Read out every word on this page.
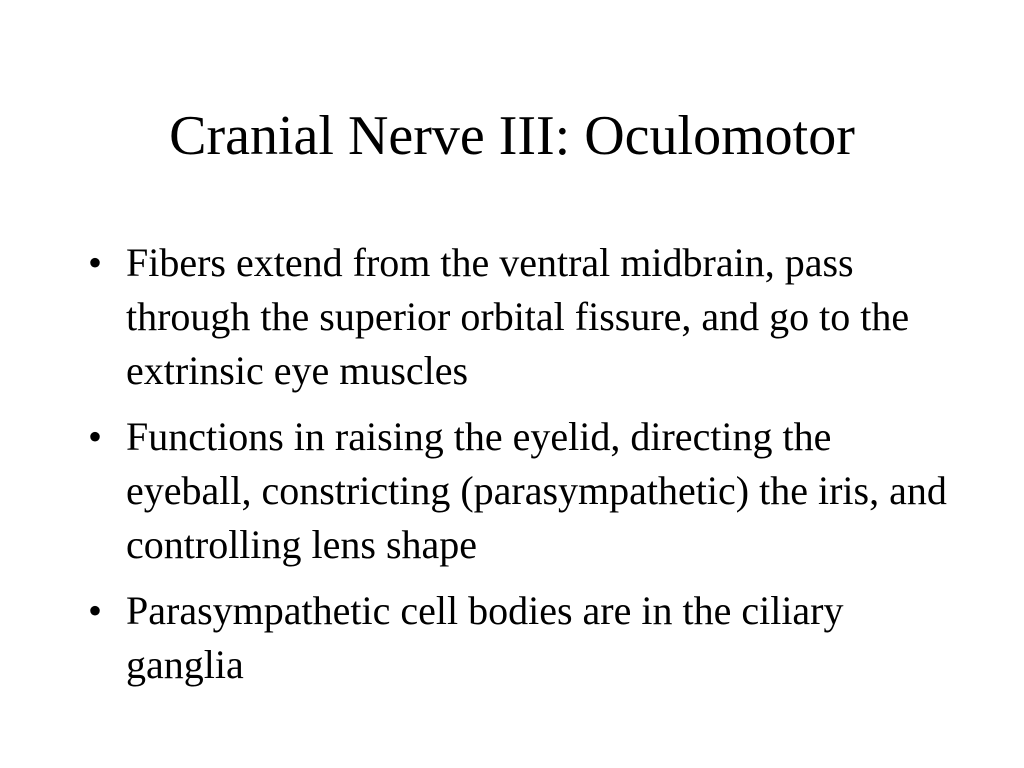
Cranial Nerve III: Oculomotor
• Fibers extend from the ventral midbrain, pass through the superior orbital fissure, and go to the extrinsic eye muscles
• Functions in raising the eyelid, directing the eyeball, constricting (parasympathetic) the iris, and controlling lens shape
• Parasympathetic cell bodies are in the ciliary ganglia
